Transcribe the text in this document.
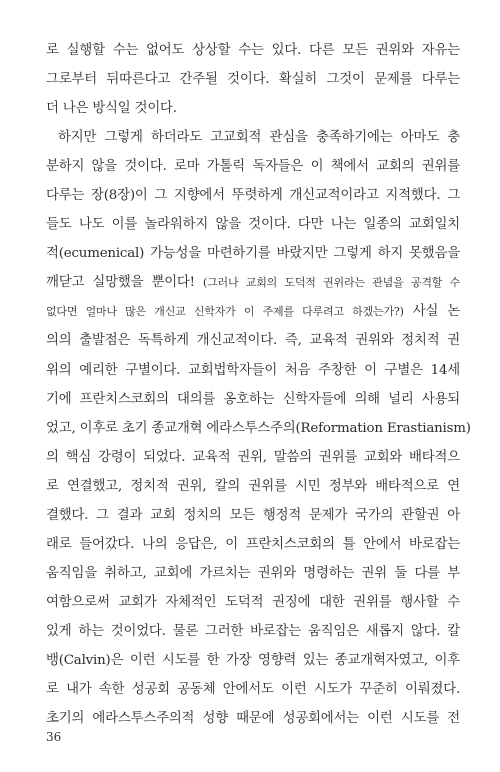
로 실행할 수는 없어도 상상할 수는 있다. 다른 모든 권위와 자유는
그로부터 뒤따른다고 간주될 것이다. 확실히 그것이 문제를 다루는
더 나은 방식일 것이다.

하지만 그렇게 하더라도 고교회적 관심을 충족하기에는 아마도 충
분하지 않을 것이다. 로마 가톨릭 독자들은 이 책에서 교회의 권위를
다루는 장(8장)이 그 지향에서 뚜렷하게 개신교적이라고 지적했다. 그
들도 나도 이를 놀라워하지 않을 것이다. 다만 나는 일종의 교회일치
적(ecumenical) 가능성을 마련하기를 바랐지만 그렇게 하지 못했음을
깨닫고 실망했을 뿐이다! (그러나 교회의 도덕적 권위라는 관념을 공격할 수
없다면 얼마나 많은 개신교 신학자가 이 주제를 다루려고 하겠는가?) 사실 논
의의 출발점은 독특하게 개신교적이다. 즉, 교육적 권위와 정치적 권
위의 예리한 구별이다. 교회법학자들이 처음 주창한 이 구별은 14세
기에 프란치스코회의 대의를 옹호하는 신학자들에 의해 널리 사용되
었고, 이후로 초기 종교개혁 에라스투스주의(Reformation Erastianism)
의 핵심 강령이 되었다. 교육적 권위, 말씀의 권위를 교회와 배타적으
로 연결했고, 정치적 권위, 칼의 권위를 시민 정부와 배타적으로 연
결했다. 그 결과 교회 정치의 모든 행정적 문제가 국가의 관할권 아
래로 들어갔다. 나의 응답은, 이 프란치스코회의 틀 안에서 바로잡는
움직임을 취하고, 교회에 가르치는 권위와 명령하는 권위 둘 다를 부
여함으로써 교회가 자체적인 도덕적 권징에 대한 권위를 행사할 수
있게 하는 것이었다. 물론 그러한 바로잡는 움직임은 새롭지 않다. 칼
뱅(Calvin)은 이런 시도를 한 가장 영향력 있는 종교개혁자였고, 이후
로 내가 속한 성공회 공동체 안에서도 이런 시도가 꾸준히 이뤄졌다.
초기의 에라스투스주의적 성향 때문에 성공회에서는 이런 시도를 전

36
